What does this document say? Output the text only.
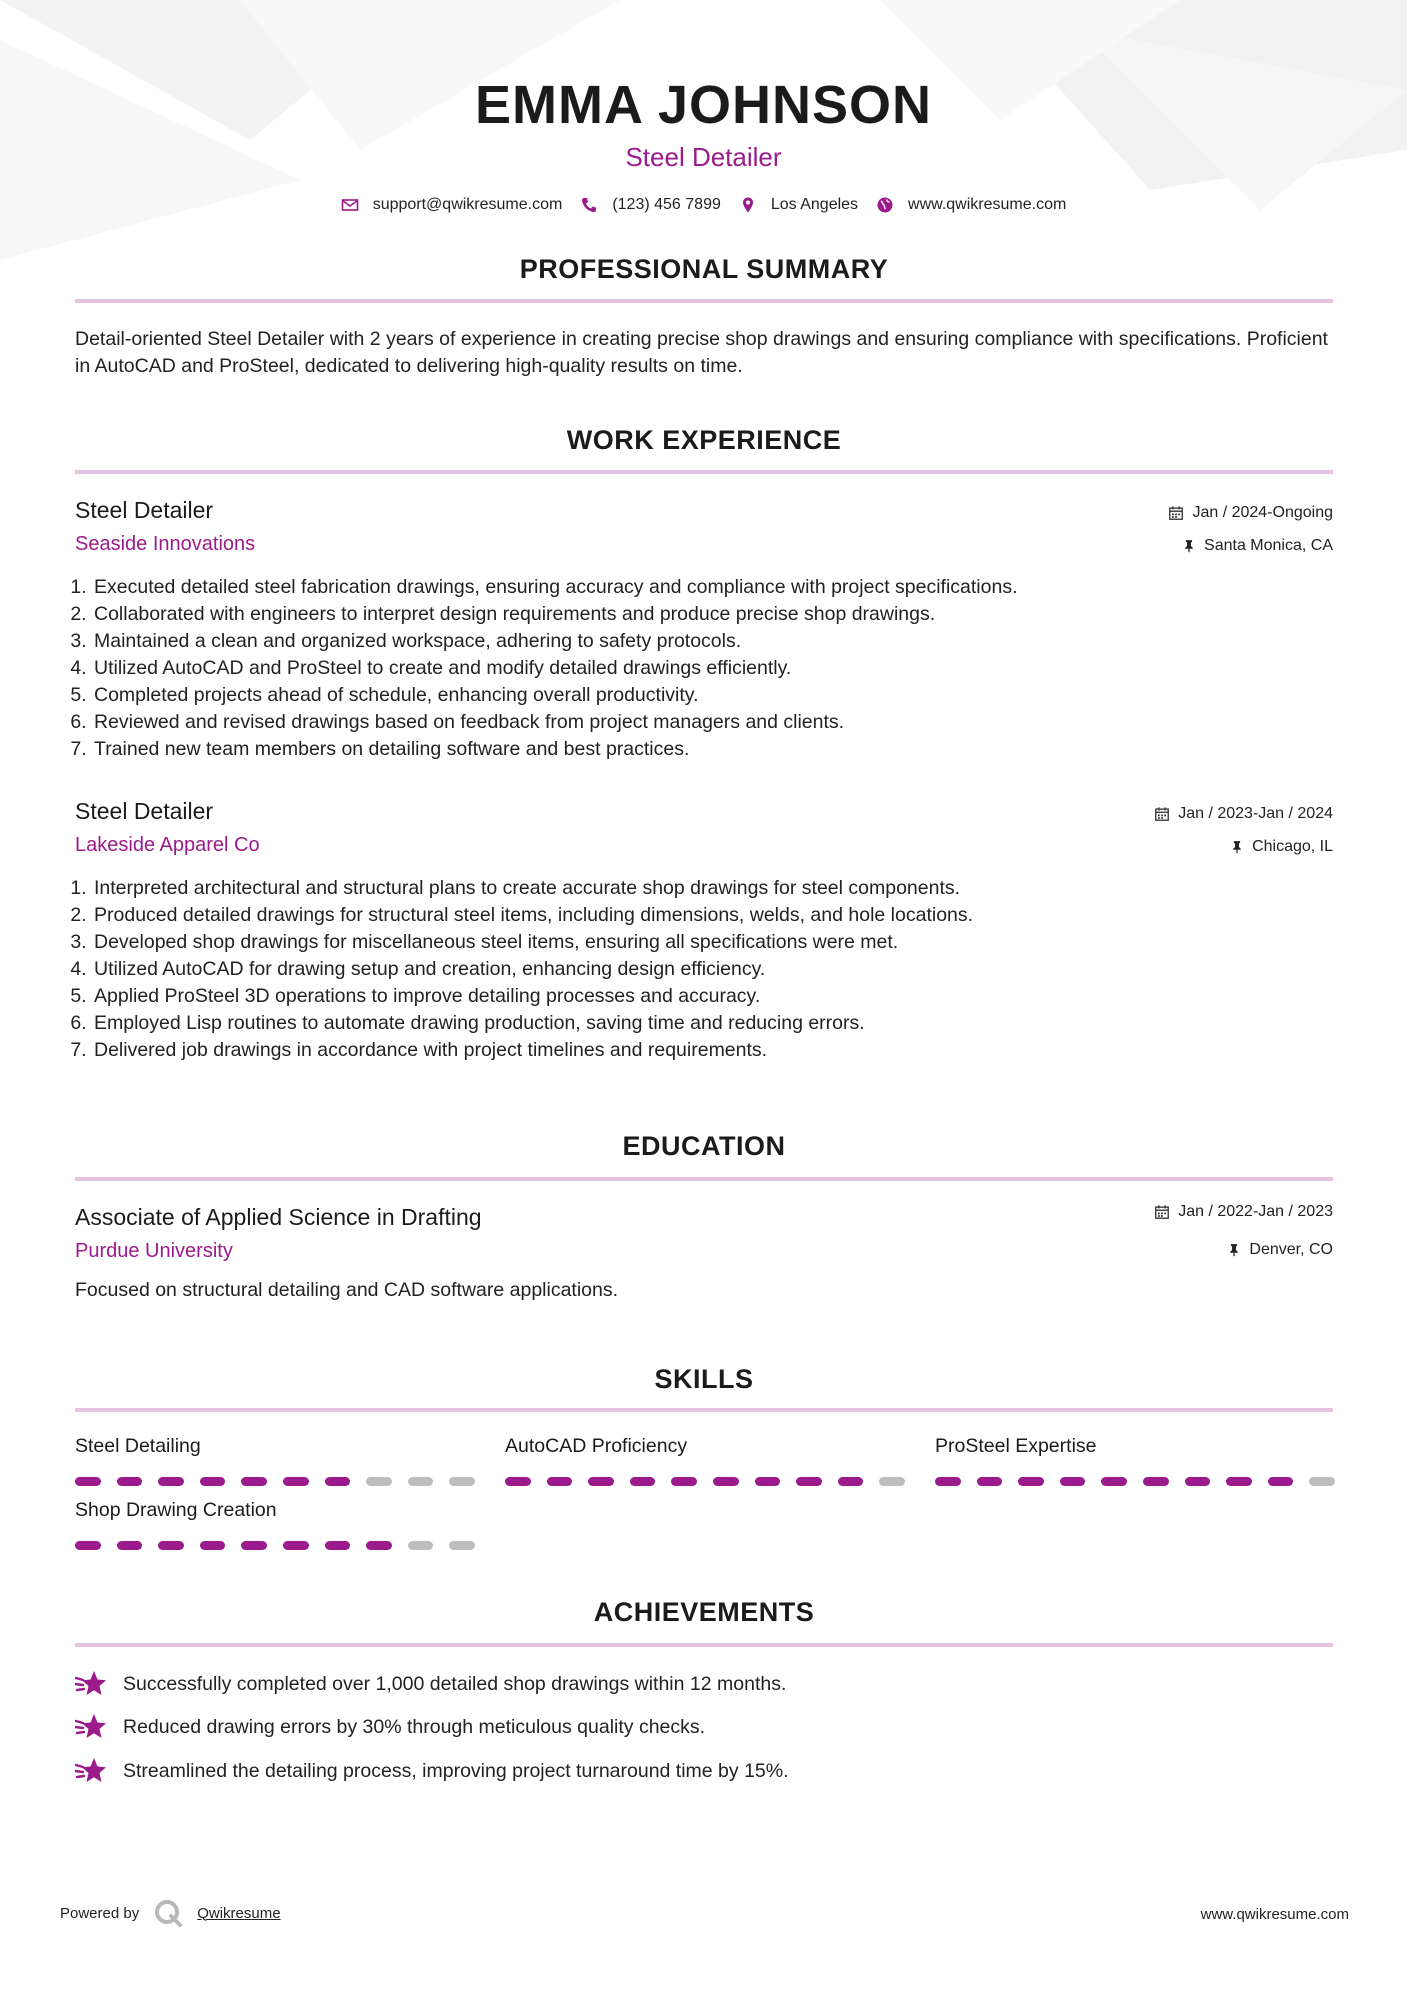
EMMA JOHNSON
Steel Detailer
support@qwikresume.com	(123) 456 7899	Los Angeles	www.qwikresume.com
PROFESSIONAL SUMMARY
Detail-oriented Steel Detailer with 2 years of experience in creating precise shop drawings and ensuring compliance with specifications. Proficient in AutoCAD and ProSteel, dedicated to delivering high-quality results on time.
WORK EXPERIENCE
Steel Detailer
Seaside Innovations
Jan / 2024-Ongoing
Santa Monica, CA
1. Executed detailed steel fabrication drawings, ensuring accuracy and compliance with project specifications.
2. Collaborated with engineers to interpret design requirements and produce precise shop drawings.
3. Maintained a clean and organized workspace, adhering to safety protocols.
4. Utilized AutoCAD and ProSteel to create and modify detailed drawings efficiently.
5. Completed projects ahead of schedule, enhancing overall productivity.
6. Reviewed and revised drawings based on feedback from project managers and clients.
7. Trained new team members on detailing software and best practices.
Steel Detailer
Lakeside Apparel Co
Jan / 2023-Jan / 2024
Chicago, IL
1. Interpreted architectural and structural plans to create accurate shop drawings for steel components.
2. Produced detailed drawings for structural steel items, including dimensions, welds, and hole locations.
3. Developed shop drawings for miscellaneous steel items, ensuring all specifications were met.
4. Utilized AutoCAD for drawing setup and creation, enhancing design efficiency.
5. Applied ProSteel 3D operations to improve detailing processes and accuracy.
6. Employed Lisp routines to automate drawing production, saving time and reducing errors.
7. Delivered job drawings in accordance with project timelines and requirements.
EDUCATION
Associate of Applied Science in Drafting
Purdue University
Jan / 2022-Jan / 2023
Denver, CO
Focused on structural detailing and CAD software applications.
SKILLS
Steel Detailing	AutoCAD Proficiency	ProSteel Expertise
Shop Drawing Creation
ACHIEVEMENTS
Successfully completed over 1,000 detailed shop drawings within 12 months.
Reduced drawing errors by 30% through meticulous quality checks.
Streamlined the detailing process, improving project turnaround time by 15%.
Powered by	Qwikresume	www.qwikresume.com
